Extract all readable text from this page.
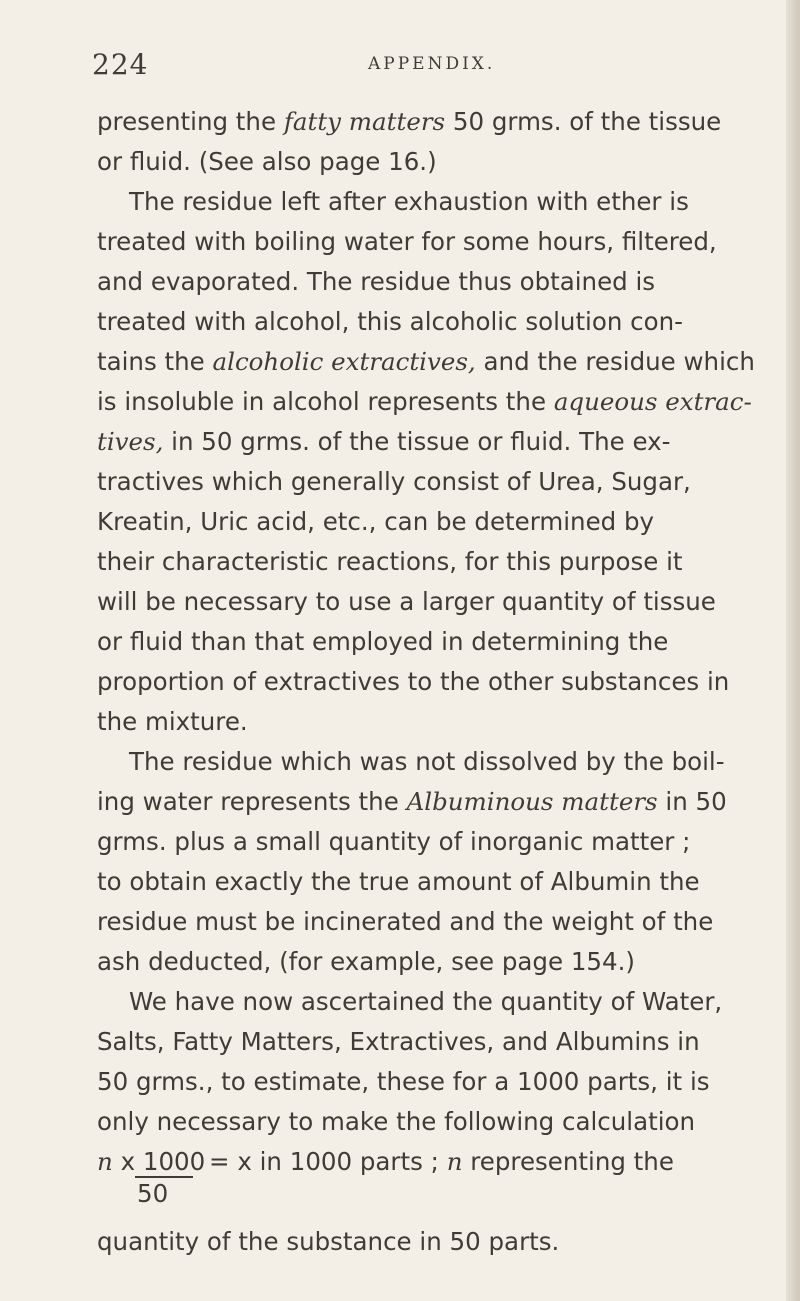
224	APPENDIX.
presenting the fatty matters 50 grms. of the tissue
or fluid. (See also page 16.)
The residue left after exhaustion with ether is
treated with boiling water for some hours, filtered,
and evaporated. The residue thus obtained is
treated with alcohol, this alcoholic solution con-
tains the alcoholic extractives, and the residue which
is insoluble in alcohol represents the aqueous extrac-
tives, in 50 grms. of the tissue or fluid. The ex-
tractives which generally consist of Urea, Sugar,
Kreatin, Uric acid, etc., can be determined by
their characteristic reactions, for this purpose it
will be necessary to use a larger quantity of tissue
or fluid than that employed in determining the
proportion of extractives to the other substances in
the mixture.
The residue which was not dissolved by the boil-
ing water represents the Albuminous matters in 50
grms. plus a small quantity of inorganic matter ;
to obtain exactly the true amount of Albumin the
residue must be incinerated and the weight of the
ash deducted, (for example, see page 154.)
We have now ascertained the quantity of Water,
Salts, Fatty Matters, Extractives, and Albumins in
50 grms., to estimate, these for a 1000 parts, it is
only necessary to make the following calculation
n x 1000 = x in 1000 parts ; n representing the
50
quantity of the substance in 50 parts.
